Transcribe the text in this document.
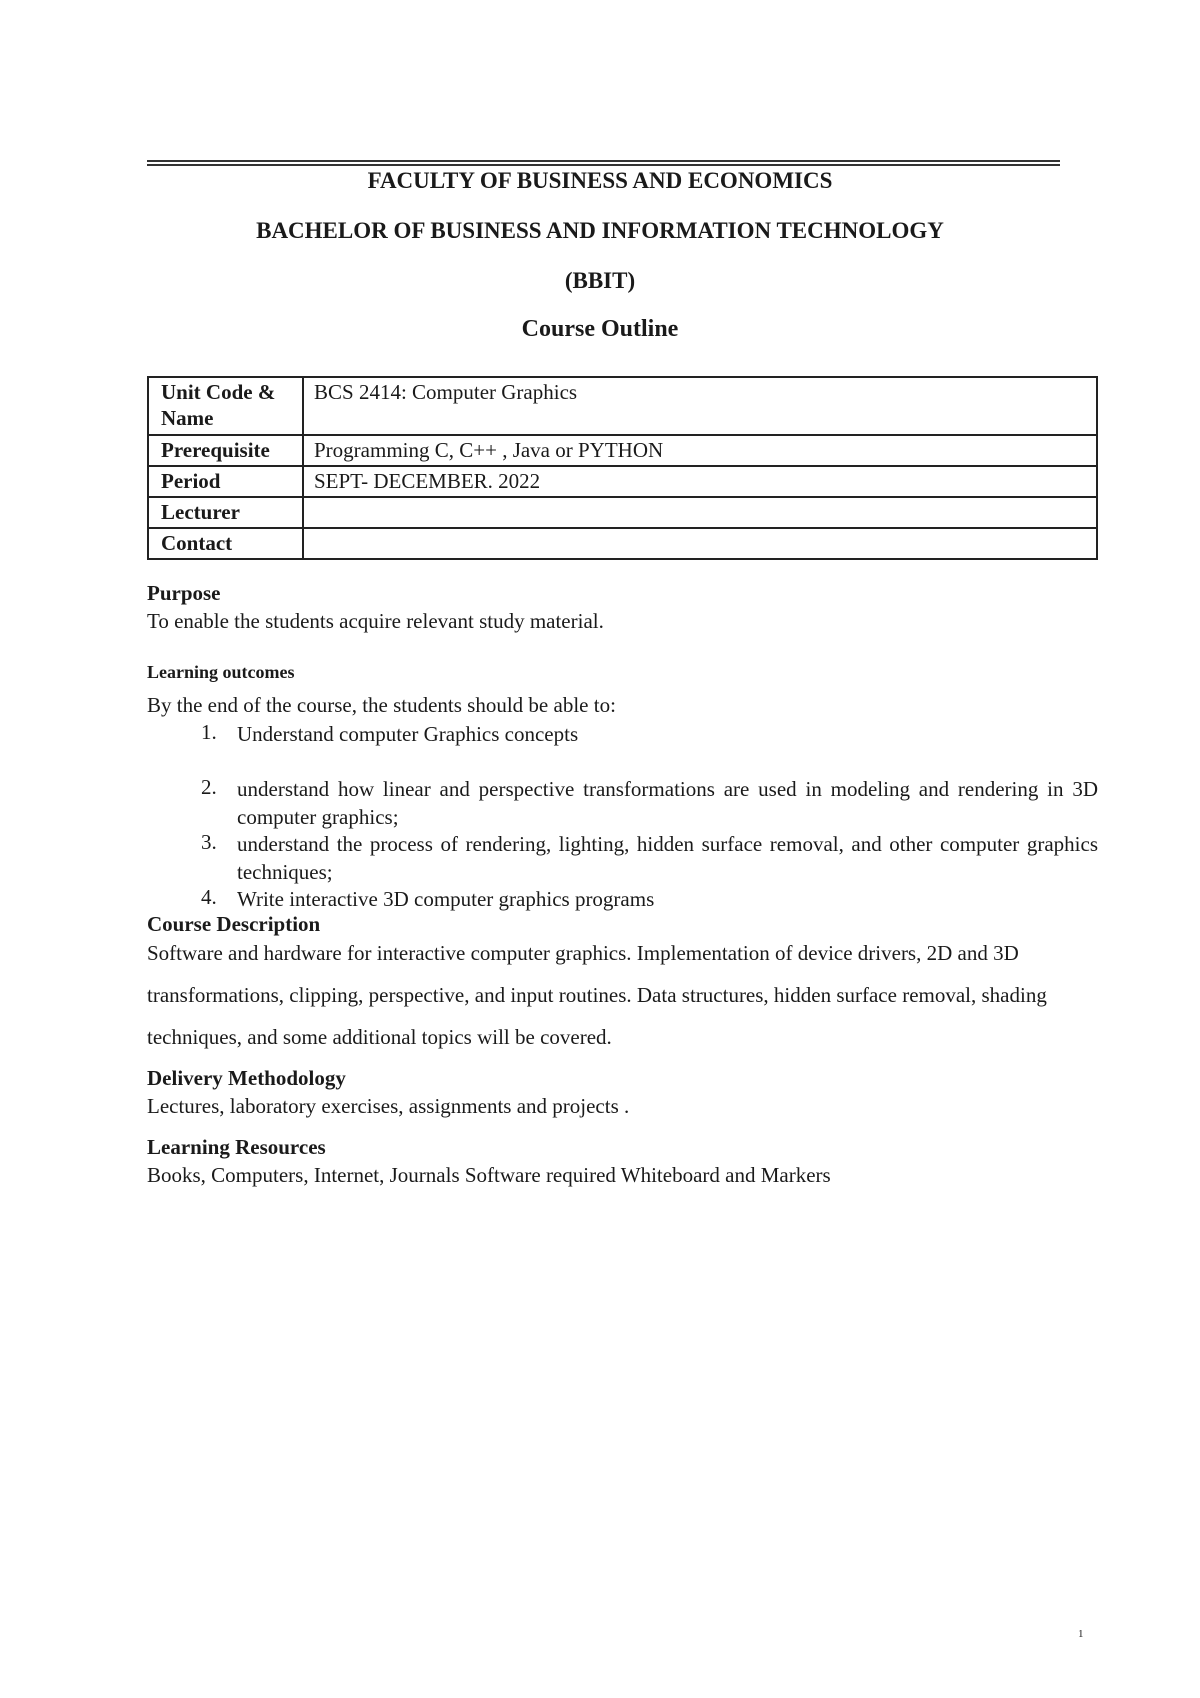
FACULTY OF BUSINESS AND ECONOMICS
BACHELOR OF BUSINESS AND INFORMATION TECHNOLOGY
(BBIT)
Course Outline
Unit Code & Name	BCS 2414: Computer Graphics
Prerequisite	Programming C, C++ , Java or PYTHON
Period	SEPT- DECEMBER. 2022
Lecturer	
Contact	
Purpose
To enable the students acquire relevant study material.
Learning outcomes
By the end of the course, the students should be able to:
1. Understand computer Graphics concepts
2. understand how linear and perspective transformations are used in modeling and rendering in 3D computer graphics;
3. understand the process of rendering, lighting, hidden surface removal, and other computer graphics techniques;
4. Write interactive 3D computer graphics programs
Course Description
Software and hardware for interactive computer graphics. Implementation of device drivers, 2D and 3D transformations, clipping, perspective, and input routines. Data structures, hidden surface removal, shading techniques, and some additional topics will be covered.
Delivery Methodology
Lectures, laboratory exercises, assignments and projects .
Learning Resources
Books, Computers, Internet, Journals Software required Whiteboard and Markers
1
